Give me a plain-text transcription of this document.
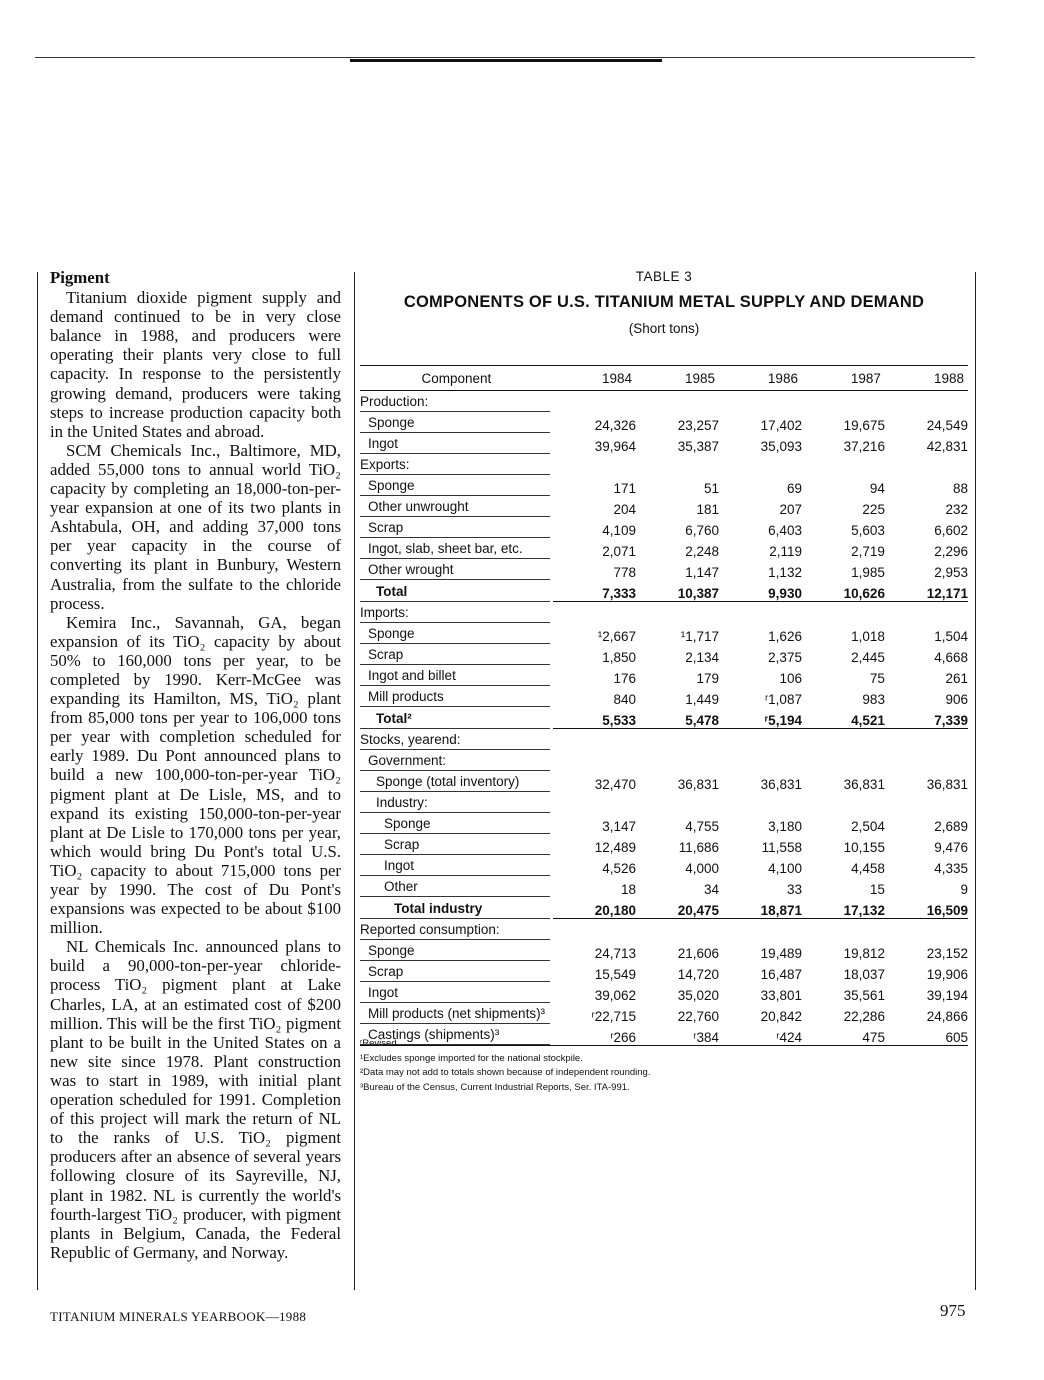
Pigment

Titanium dioxide pigment supply and demand continued to be in very close balance in 1988, and producers were operating their plants very close to full capacity. In response to the persistently growing demand, producers were taking steps to increase production capacity both in the United States and abroad.

SCM Chemicals Inc., Baltimore, MD, added 55,000 tons to annual world TiO₂ capacity by completing an 18,000-ton-per-year expansion at one of its two plants in Ashtabula, OH, and adding 37,000 tons per year capacity in the course of converting its plant in Bunbury, Western Australia, from the sulfate to the chloride process.

Kemira Inc., Savannah, GA, began expansion of its TiO₂ capacity by about 50% to 160,000 tons per year, to be completed by 1990. Kerr-McGee was expanding its Hamilton, MS, TiO₂ plant from 85,000 tons per year to 106,000 tons per year with completion scheduled for early 1989. Du Pont announced plans to build a new 100,000-ton-per-year TiO₂ pigment plant at De Lisle, MS, and to expand its existing 150,000-ton-per-year plant at De Lisle to 170,000 tons per year, which would bring Du Pont's total U.S. TiO₂ capacity to about 715,000 tons per year by 1990. The cost of Du Pont's expansions was expected to be about $100 million.

NL Chemicals Inc. announced plans to build a 90,000-ton-per-year chloride-process TiO₂ pigment plant at Lake Charles, LA, at an estimated cost of $200 million. This will be the first TiO₂ pigment plant to be built in the United States on a new site since 1978. Plant construction was to start in 1989, with initial plant operation scheduled for 1991. Completion of this project will mark the return of NL to the ranks of U.S. TiO₂ pigment producers after an absence of several years following closure of its Sayreville, NJ, plant in 1982. NL is currently the world's fourth-largest TiO₂ producer, with pigment plants in Belgium, Canada, the Federal Republic of Germany, and Norway.

TABLE 3
COMPONENTS OF U.S. TITANIUM METAL SUPPLY AND DEMAND
(Short tons)
Component	1984	1985	1986	1987	1988

Production:					

Sponge	24,326	23,257	17,402	19,675	24,549

Ingot	39,964	35,387	35,093	37,216	42,831

Exports:					

Sponge	171	51	69	94	88

Other unwrought	204	181	207	225	232

Scrap	4,109	6,760	6,403	5,603	6,602

Ingot, slab, sheet bar, etc.	2,071	2,248	2,119	2,719	2,296

Other wrought	778	1,147	1,132	1,985	2,953

Total	7,333	10,387	9,930	10,626	12,171

Imports:					

Sponge	¹2,667	¹1,717	1,626	1,018	1,504

Scrap	1,850	2,134	2,375	2,445	4,668

Ingot and billet	176	179	106	75	261

Mill products	840	1,449	ʳ1,087	983	906

Total²	5,533	5,478	ʳ5,194	4,521	7,339

Stocks, yearend:					

Government:					

Sponge (total inventory)	32,470	36,831	36,831	36,831	36,831

Industry:					

Sponge	3,147	4,755	3,180	2,504	2,689

Scrap	12,489	11,686	11,558	10,155	9,476

Ingot	4,526	4,000	4,100	4,458	4,335

Other	18	34	33	15	9

Total industry	20,180	20,475	18,871	17,132	16,509

Reported consumption:					

Sponge	24,713	21,606	19,489	19,812	23,152

Scrap	15,549	14,720	16,487	18,037	19,906

Ingot	39,062	35,020	33,801	35,561	39,194

Mill products (net shipments)³	ʳ22,715	22,760	20,842	22,286	24,866

Castings (shipments)³	ʳ266	ʳ384	ʳ424	475	605
ʳRevised.
¹Excludes sponge imported for the national stockpile.
²Data may not add to totals shown because of independent rounding.
³Bureau of the Census, Current Industrial Reports, Ser. ITA-991.
TITANIUM MINERALS YEARBOOK—1988	975
